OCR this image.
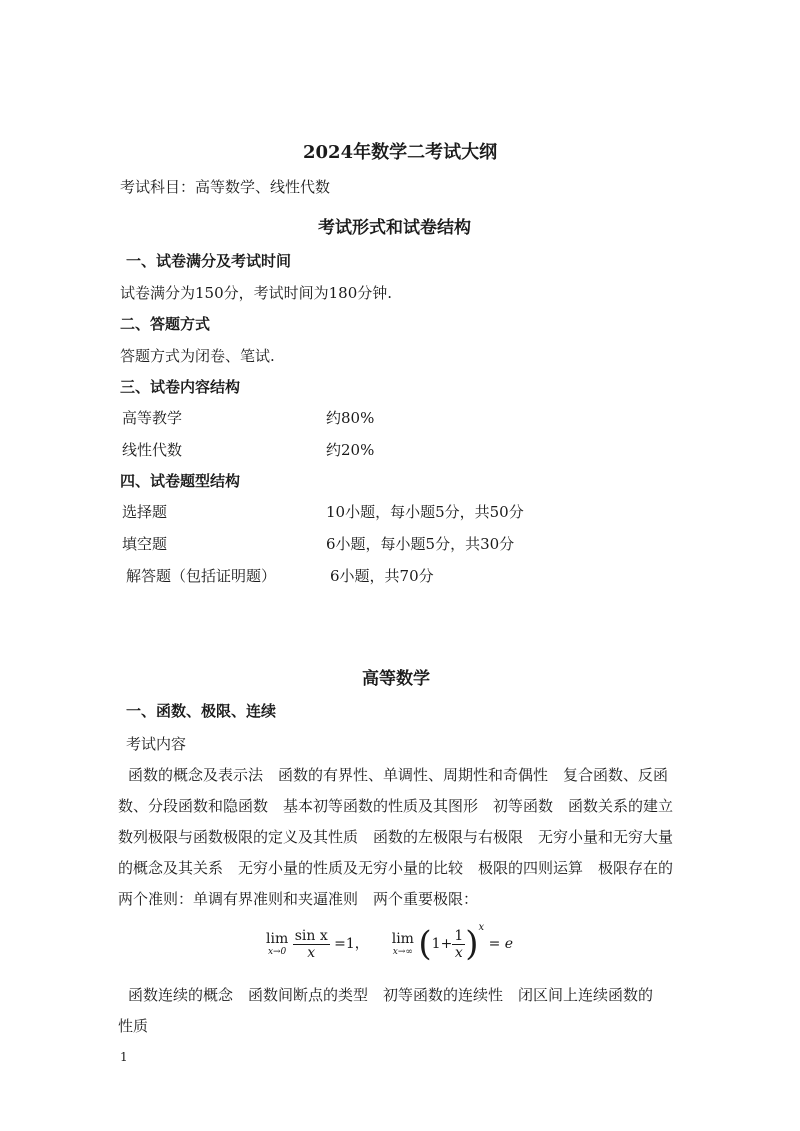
2024年数学二考试大纲
考试科目：高等数学、线性代数
考试形式和试卷结构
一、试卷满分及考试时间
试卷满分为150分，考试时间为180分钟.
二、答题方式
答题方式为闭卷、笔试.
三、试卷内容结构
高等教学	约80%
线性代数	约20%
四、试卷题型结构
选择题	10小题，每小题5分，共50分
填空题	6小题，每小题5分，共30分
解答题（包括证明题）	6小题，共70分
高等数学
一、函数、极限、连续
考试内容

函数的概念及表示法　函数的有界性、单调性、周期性和奇偶性　复合函数、反函

数、分段函数和隐函数　基本初等函数的性质及其图形　初等函数　函数关系的建立

数列极限与函数极限的定义及其性质　函数的左极限与右极限　无穷小量和无穷大量

的概念及其关系　无穷小量的性质及无穷小量的比较　极限的四则运算　极限存在的

两个准则：单调有界准则和夹逼准则　两个重要极限：

lim
x→0
$\frac{\text{sin x}}{x} =1$， lim
x→∞ $(1+ \frac{1}{x} )^x = e$

函数连续的概念　函数间断点的类型　初等函数的连续性　闭区间上连续函数的

性质

1
